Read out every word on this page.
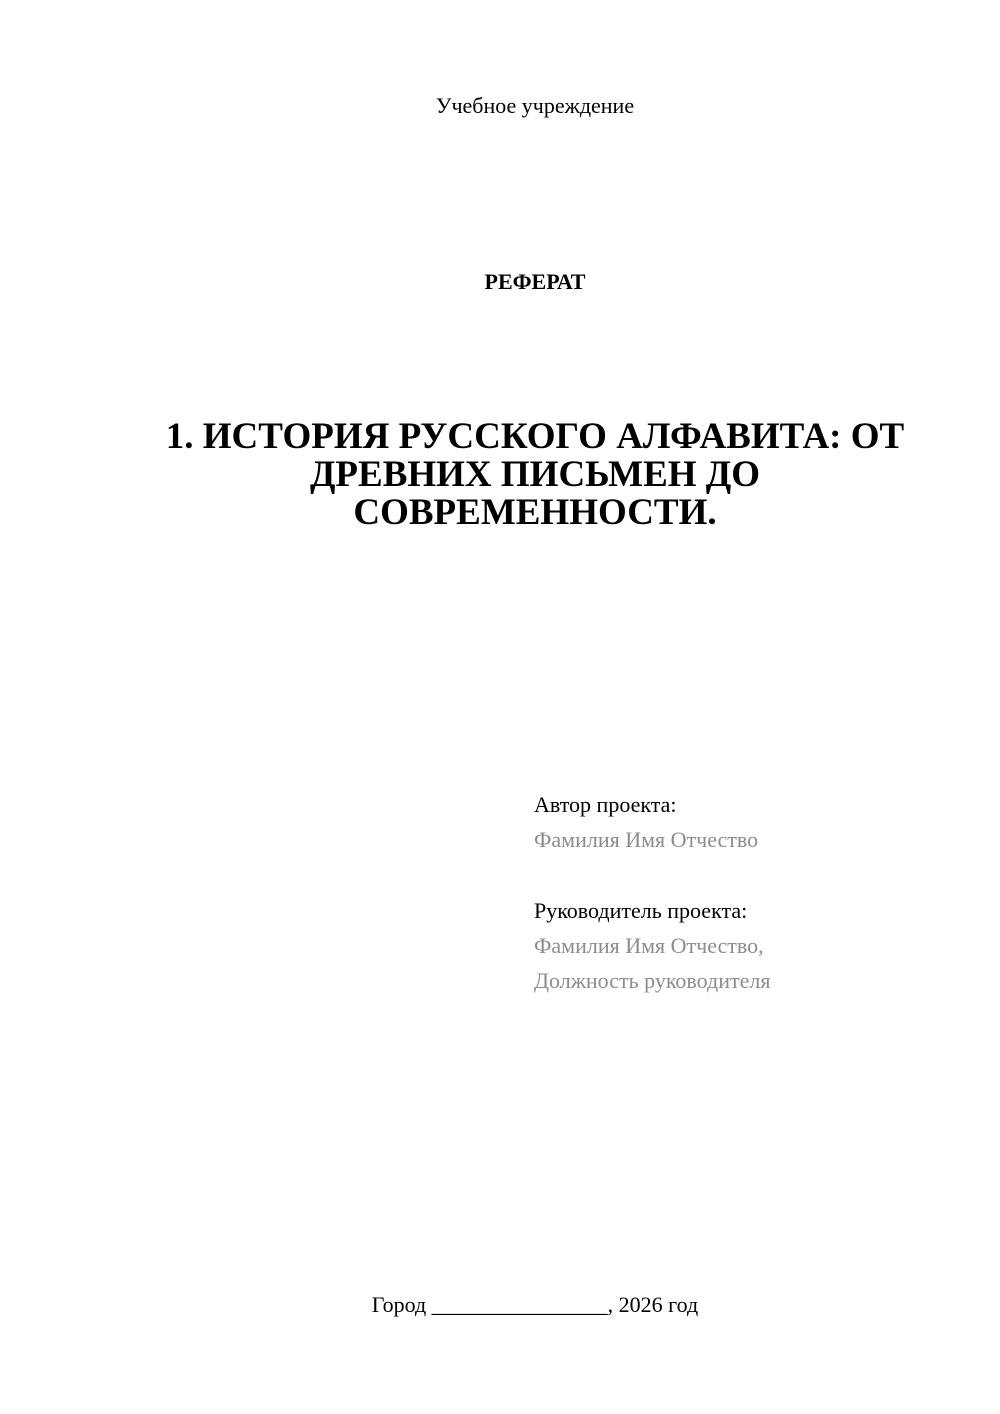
Учебное учреждение
РЕФЕРАТ
1. ИСТОРИЯ РУССКОГО АЛФАВИТА: ОТ
ДРЕВНИХ ПИСЬМЕН ДО
СОВРЕМЕННОСТИ.
Автор проекта:
Фамилия Имя Отчество
Руководитель проекта:
Фамилия Имя Отчество,
Должность руководителя
Город ________________, 2026 год
